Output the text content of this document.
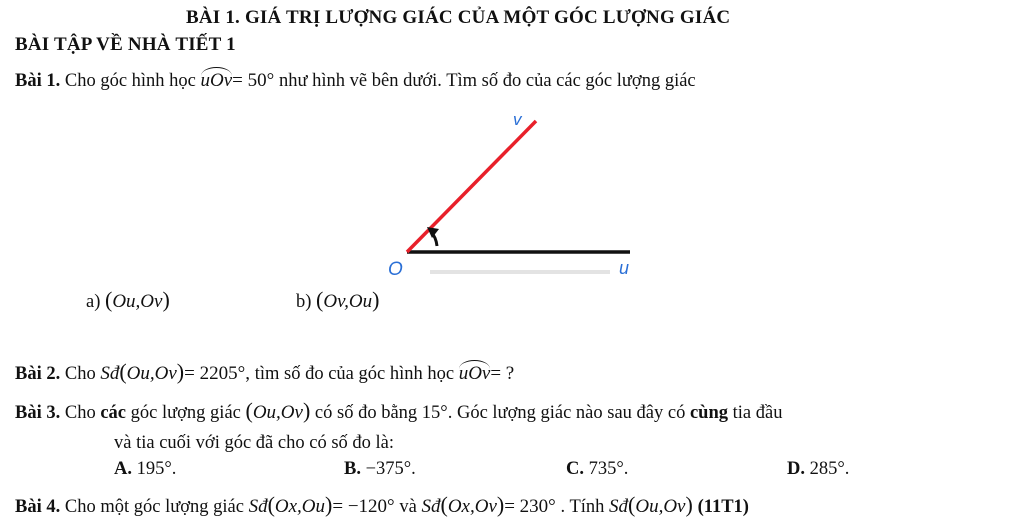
BÀI 1. GIÁ TRỊ LƯỢNG GIÁC CỦA MỘT GÓC LƯỢNG GIÁC
BÀI TẬP VỀ NHÀ TIẾT 1
Bài 1. Cho góc hình học uOv= 50° như hình vẽ bên dưới. Tìm số đo của các góc lượng giác
v
O	u
a) (Ou,Ov)	b) (Ov,Ou)
Bài 2. Cho Sđ(Ou,Ov)= 2205°, tìm số đo của góc hình học uOv= ?
Bài 3. Cho các góc lượng giác (Ou,Ov) có số đo bằng 15°. Góc lượng giác nào sau đây có cùng tia đầu
và tia cuối với góc đã cho có số đo là:
A. 195°.	B. −375°.	C. 735°.	D. 285°.
Bài 4. Cho một góc lượng giác Sđ(Ox,Ou)= −120° và Sđ(Ox,Ov)= 230° . Tính Sđ(Ou,Ov) (11T1)
